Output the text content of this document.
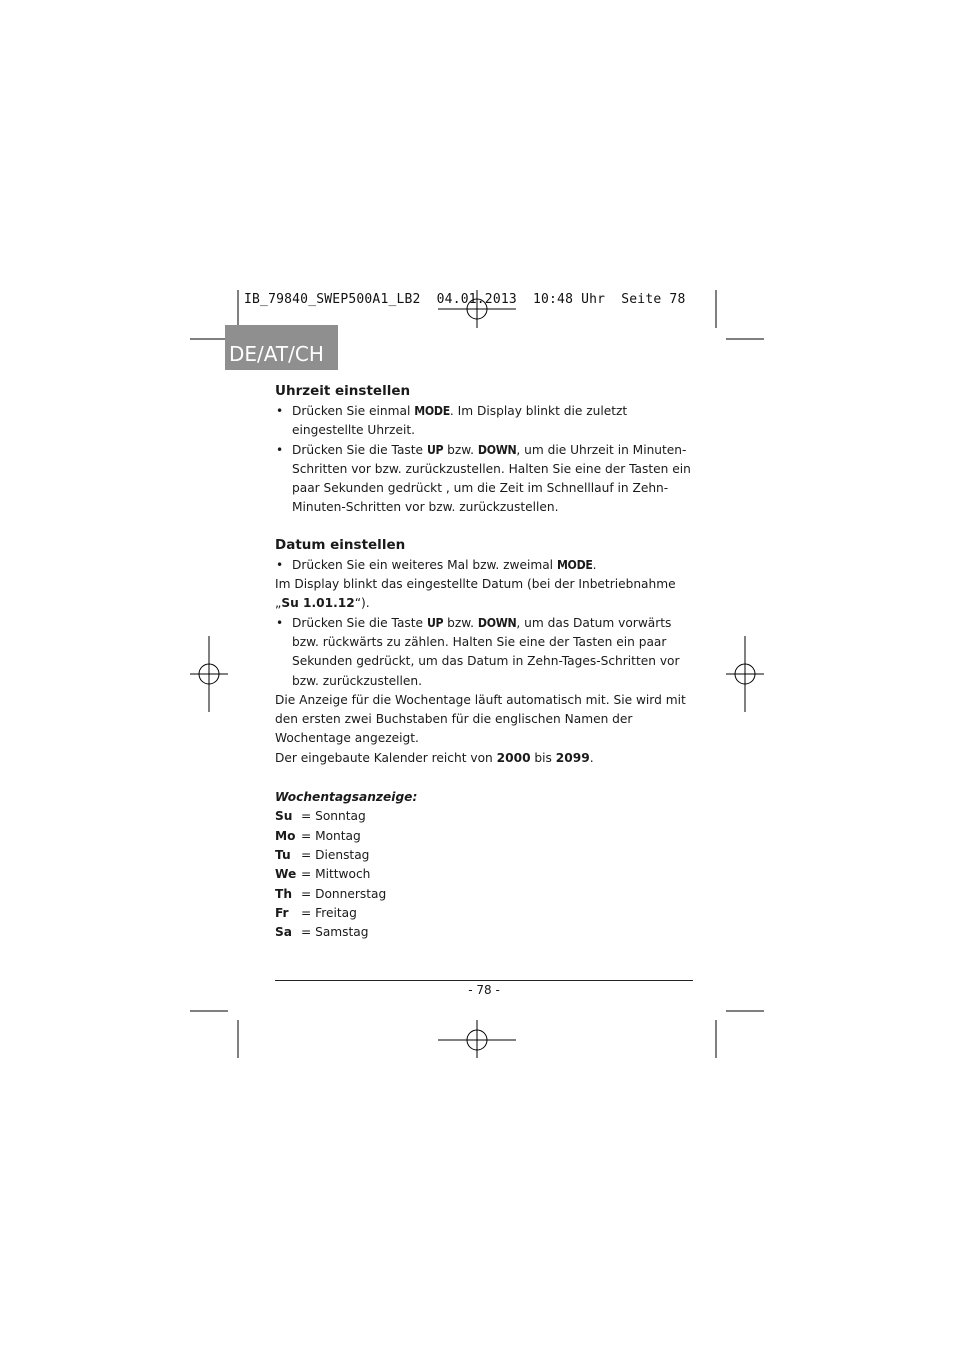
IB_79840_SWEP500A1_LB2  04.01.2013  10:48 Uhr  Seite 78
DE/AT/CH
Uhrzeit einstellen
• Drücken Sie einmal MODE. Im Display blinkt die zuletzt eingestellte Uhrzeit.
• Drücken Sie die Taste UP bzw. DOWN, um die Uhrzeit in Minuten-Schritten vor bzw. zurückzustellen. Halten Sie eine der Tasten ein paar Sekunden gedrückt , um die Zeit im Schnelllauf in Zehn-Minuten-Schritten vor bzw. zurückzustellen.
Datum einstellen
• Drücken Sie ein weiteres Mal bzw. zweimal MODE.

Im Display blinkt das eingestellte Datum (bei der Inbetriebnahme „Su 1.01.12“).

• Drücken Sie die Taste UP bzw. DOWN, um das Datum vorwärts bzw. rückwärts zu zählen. Halten Sie eine der Tasten ein paar Sekunden gedrückt, um das Datum in Zehn-Tages-Schritten vor bzw. zurückzustellen.

Die Anzeige für die Wochentage läuft automatisch mit. Sie wird mit den ersten zwei Buchstaben für die englischen Namen der Wochentage angezeigt.

Der eingebaute Kalender reicht von 2000 bis 2099.

Wochentagsanzeige:

Su = Sonntag
Mo = Montag
Tu = Dienstag
We = Mittwoch
Th = Donnerstag
Fr	= Freitag
Sa = Samstag
- 78 -
